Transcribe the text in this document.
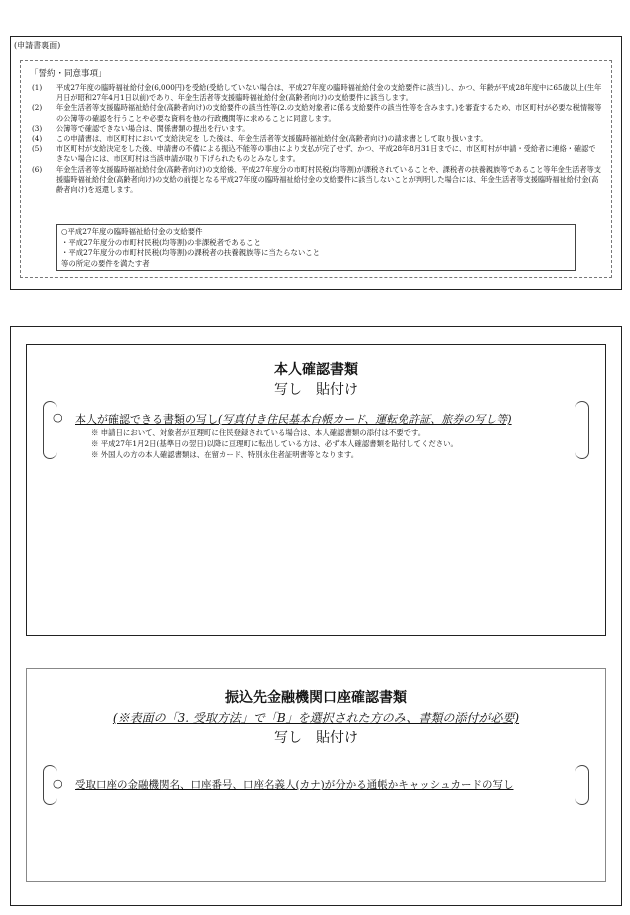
(申請書裏面)
「誓約・同意事項」
(1)	平成27年度の臨時福祉給付金(6,000円)を受給(受給していない場合は、平成27年度の臨時福祉給付金の支給要件に該当)し、かつ、年齢が平成28年度中に65歳以上(生年月日が昭和27年4月1日以前)であり、年金生活者等支援臨時福祉給付金(高齢者向け)の支給要件に該当します。
(2)	年金生活者等支援臨時福祉給付金(高齢者向け)の支給要件の該当性等(2.の支給対象者に係る支給要件の該当性等を含みます。)を審査するため、市区町村が必要な税情報等の公簿等の確認を行うことや必要な資料を他の行政機関等に求めることに同意します。
(3)	公簿等で確認できない場合は、関係書類の提出を行います。
(4)	この申請書は、市区町村において支給決定を した後は、年金生活者等支援臨時福祉給付金(高齢者向け)の請求書として取り扱います。
(5)	市区町村が支給決定をした後、申請書の不備による振込不能等の事由により支払が完了せず、かつ、平成28年8月31日までに、市区町村が申請・受給者に連絡・確認できない場合には、市区町村は当該申請が取り下げられたものとみなします。
(6)	年金生活者等支援臨時福祉給付金(高齢者向け)の支給後、平成27年度分の市町村民税(均等割)が課税されていることや、課税者の扶養親族等であること等年金生活者等支援臨時福祉給付金(高齢者向け)の支給の前提となる平成27年度の臨時福祉給付金の支給要件に該当しないことが判明した場合には、年金生活者等支援臨時福祉給付金(高齢者向け)を返還します。
○平成27年度の臨時福祉給付金の支給要件
・平成27年度分の市町村民税(均等割)の非課税者であること
・平成27年度分の市町村民税(均等割)の課税者の扶養親族等に当たらないこと
等の所定の要件を満たす者
本人確認書類
写し　貼付け
○ 本人が確認できる書類の写し(写真付き住民基本台帳カード、運転免許証、旅券の写し等)
※ 申請日において、対象者が亘理町に住民登録されている場合は、本人確認書類の添付は不要です。
※ 平成27年1月2日(基準日の翌日)以降に亘理町に転出している方は、必ず本人確認書類を貼付してください。
※ 外国人の方の本人確認書類は、在留カード、特別永住者証明書等となります。
振込先金融機関口座確認書類
(※表面の「3. 受取方法」で「B」を選択された方のみ、書類の添付が必要)
写し　貼付け
○ 受取口座の金融機関名、口座番号、口座名義人(カナ)が分かる通帳かキャッシュカードの写し
